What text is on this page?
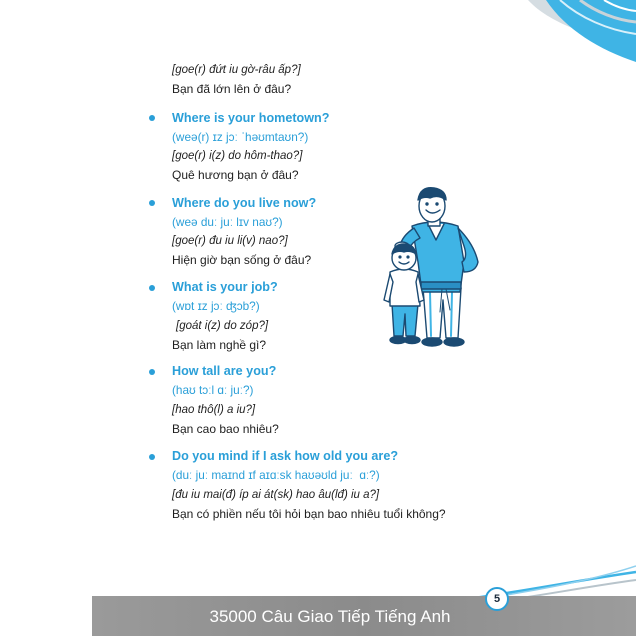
[goe(r) đứt iu gờ-râu ấp?]
Bạn đã lớn lên ở đâu?
Where is your hometown?
(weə(r) ɪz jɔː ˈhəʊmtaʊn?)
[goe(r) i(z) do hôm-thao?]
Quê hương bạn ở đâu?
Where do you live now?
(weə duː juː lɪv naʊ?)
[goe(r) đu iu li(v) nao?]
Hiện giờ bạn sống ở đâu?
What is your job?
(wɒt ɪz jɔː ʤɔb?)
[goát i(z) do zóp?]
Bạn làm nghề gì?
How tall are you?
(haʊ tɔːl ɑː juː?)
[hao thô(l) a iu?]
Bạn cao bao nhiêu?
Do you mind if I ask how old you are?
(duː juː maɪnd ɪf aɪɑːsk haʊəʊld juː  ɑː?)
[đu iu mai(đ) íp ai át(sk) hao âu(lđ) iu a?]
Bạn có phiền nếu tôi hỏi bạn bao nhiêu tuổi không?
35000 Câu Giao Tiếp Tiếng Anh
5
